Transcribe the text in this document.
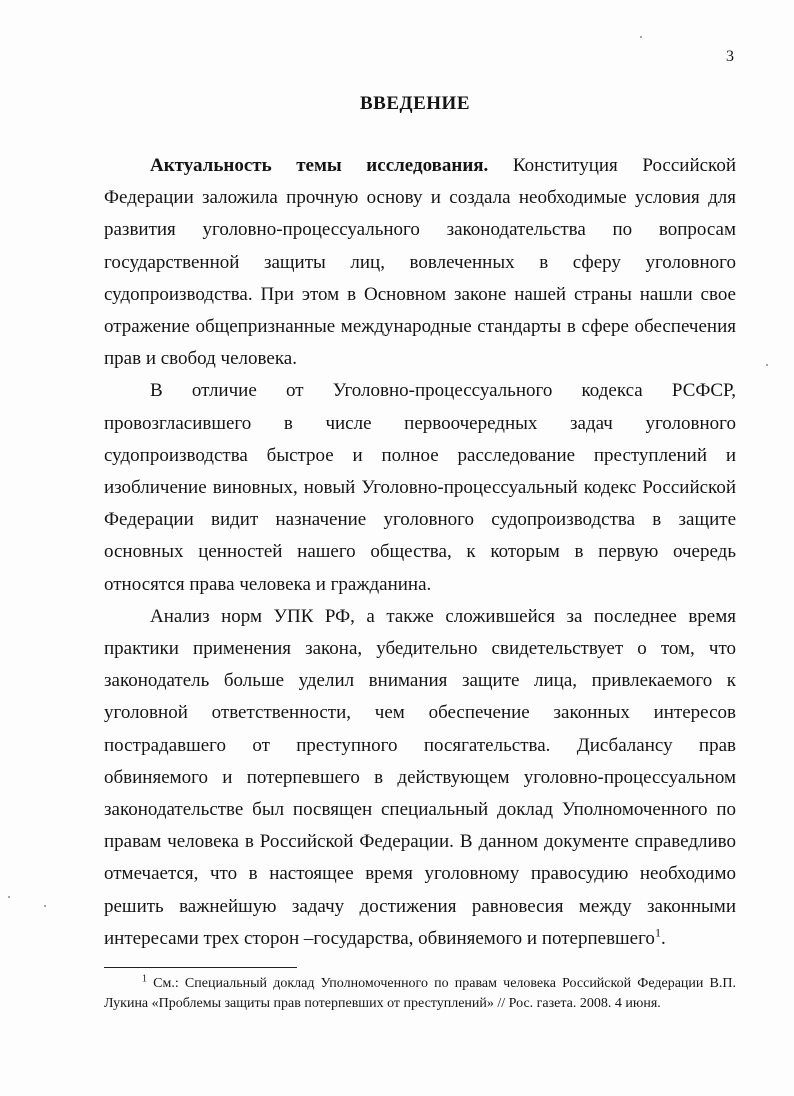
3
ВВЕДЕНИЕ

Актуальность темы исследования. Конституция Российской Федерации заложила прочную основу и создала необходимые условия для развития уголовно-процессуального законодательства по вопросам государственной защиты лиц, вовлеченных в сферу уголовного судопроизводства. При этом в Основном законе нашей страны нашли свое отражение общепризнанные международные стандарты в сфере обеспечения прав и свобод человека.

В отличие от Уголовно-процессуального кодекса РСФСР, провозгласившего в числе первоочередных задач уголовного судопроизводства быстрое и полное расследование преступлений и изобличение виновных, новый Уголовно-процессуальный кодекс Российской Федерации видит назначение уголовного судопроизводства в защите основных ценностей нашего общества, к которым в первую очередь относятся права человека и гражданина.

Анализ норм УПК РФ, а также сложившейся за последнее время практики применения закона, убедительно свидетельствует о том, что законодатель больше уделил внимания защите лица, привлекаемого к уголовной ответственности, чем обеспечение законных интересов пострадавшего от преступного посягательства. Дисбалансу прав обвиняемого и потерпевшего в действующем уголовно-процессуальном законодательстве был посвящен специальный доклад Уполномоченного по правам человека в Российской Федерации. В данном документе справедливо отмечается, что в настоящее время уголовному правосудию необходимо решить важнейшую задачу достижения равновесия между законными интересами трех сторон –государства, обвиняемого и потерпевшего$^1$.

$^1$ См.: Специальный доклад Уполномоченного по правам человека Российской Федерации В.П. Лукина «Проблемы защиты прав потерпевших от преступлений» // Рос. газета. 2008. 4 июня.
